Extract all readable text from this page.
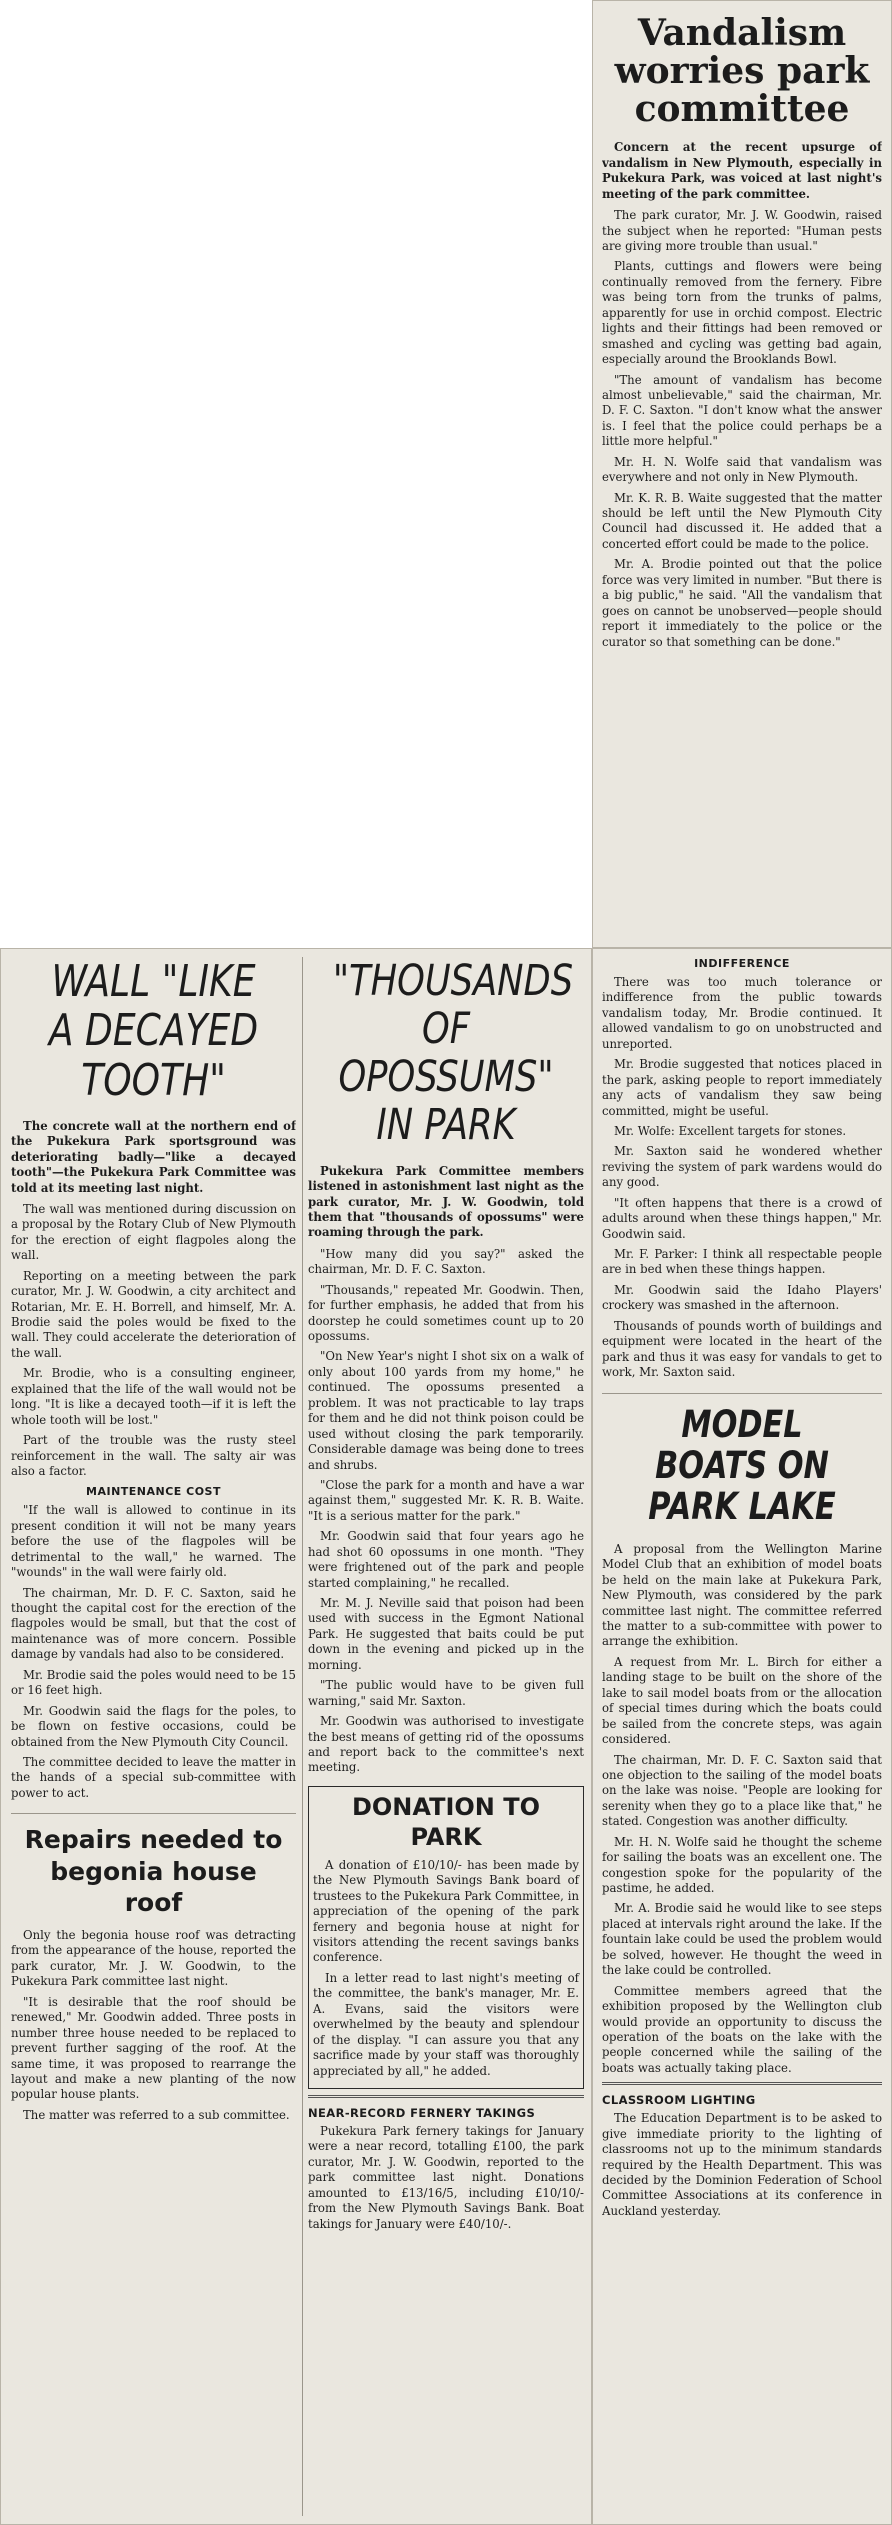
Vandalism worries park committee

Concern at the recent upsurge of vandalism in New Plymouth, especially in Pukekura Park, was voiced at last night's meeting of the park committee.

The park curator, Mr. J. W. Goodwin, raised the subject when he reported: "Human pests are giving more trouble than usual."

Plants, cuttings and flowers were being continually removed from the fernery. Fibre was being torn from the trunks of palms, apparently for use in orchid compost. Electric lights and their fittings had been removed or smashed and cycling was getting bad again, especially around the Brooklands Bowl.

"The amount of vandalism has become almost unbelievable," said the chairman, Mr. D. F. C. Saxton. "I don't know what the answer is. I feel that the police could perhaps be a little more helpful."

Mr. H. N. Wolfe said that vandalism was everywhere and not only in New Plymouth.

Mr. K. R. B. Waite suggested that the matter should be left until the New Plymouth City Council had discussed it. He added that a concerted effort could be made to the police.

Mr. A. Brodie pointed out that the police force was very limited in number. "But there is a big public," he said. "All the vandalism that goes on cannot be unobserved—people should report it immediately to the police or the curator so that something can be done."

WALL "LIKE A DECAYED TOOTH"

The concrete wall at the northern end of the Pukekura Park sportsground was deteriorating badly—"like a decayed tooth"—the Pukekura Park Committee was told at its meeting last night.

The wall was mentioned during discussion on a proposal by the Rotary Club of New Plymouth for the erection of eight flagpoles along the wall.

Reporting on a meeting between the park curator, Mr. J. W. Goodwin, a city architect and Rotarian, Mr. E. H. Borrell, and himself, Mr. A. Brodie said the poles would be fixed to the wall. They could accelerate the deterioration of the wall.

Mr. Brodie, who is a consulting engineer, explained that the life of the wall would not be long. "It is like a decayed tooth—if it is left the whole tooth will be lost."

Part of the trouble was the rusty steel reinforcement in the wall. The salty air was also a factor.

MAINTENANCE COST

"If the wall is allowed to continue in its present condition it will not be many years before the use of the flagpoles will be detrimental to the wall," he warned. The "wounds" in the wall were fairly old.

The chairman, Mr. D. F. C. Saxton, said he thought the capital cost for the erection of the flagpoles would be small, but that the cost of maintenance was of more concern. Possible damage by vandals had also to be considered.

Mr. Brodie said the poles would need to be 15 or 16 feet high.

Mr. Goodwin said the flags for the poles, to be flown on festive occasions, could be obtained from the New Plymouth City Council.

The committee decided to leave the matter in the hands of a special sub-committee with power to act.

Repairs needed to begonia house roof

Only the begonia house roof was detracting from the appearance of the house, reported the park curator, Mr. J. W. Goodwin, to the Pukekura Park committee last night.

"It is desirable that the roof should be renewed," Mr. Goodwin added. Three posts in number three house needed to be replaced to prevent further sagging of the roof. At the same time, it was proposed to rearrange the layout and make a new planting of the now popular house plants.

The matter was referred to a sub committee.

"THOUSANDS OF OPOSSUMS" IN PARK

Pukekura Park Committee members listened in astonishment last night as the park curator, Mr. J. W. Goodwin, told them that "thousands of opossums" were roaming through the park.

"How many did you say?" asked the chairman, Mr. D. F. C. Saxton.

"Thousands," repeated Mr. Goodwin. Then, for further emphasis, he added that from his doorstep he could sometimes count up to 20 opossums.

"On New Year's night I shot six on a walk of only about 100 yards from my home," he continued. The opossums presented a problem. It was not practicable to lay traps for them and he did not think poison could be used without closing the park temporarily. Considerable damage was being done to trees and shrubs.

"Close the park for a month and have a war against them," suggested Mr. K. R. B. Waite. "It is a serious matter for the park."

Mr. Goodwin said that four years ago he had shot 60 opossums in one month. "They were frightened out of the park and people started complaining," he recalled.

Mr. M. J. Neville said that poison had been used with success in the Egmont National Park. He suggested that baits could be put down in the evening and picked up in the morning.

"The public would have to be given full warning," said Mr. Saxton.

Mr. Goodwin was authorised to investigate the best means of getting rid of the opossums and report back to the committee's next meeting.

DONATION TO PARK

A donation of £10/10/- has been made by the New Plymouth Savings Bank board of trustees to the Pukekura Park Committee, in appreciation of the opening of the park fernery and begonia house at night for visitors attending the recent savings banks conference.

In a letter read to last night's meeting of the committee, the bank's manager, Mr. E. A. Evans, said the visitors were overwhelmed by the beauty and splendour of the display. "I can assure you that any sacrifice made by your staff was thoroughly appreciated by all," he added.

NEAR-RECORD FERNERY TAKINGS

Pukekura Park fernery takings for January were a near record, totalling £100, the park curator, Mr. J. W. Goodwin, reported to the park committee last night. Donations amounted to £13/16/5, including £10/10/- from the New Plymouth Savings Bank. Boat takings for January were £40/10/-.

INDIFFERENCE

There was too much tolerance or indifference from the public towards vandalism today, Mr. Brodie continued. It allowed vandalism to go on unobstructed and unreported.

Mr. Brodie suggested that notices placed in the park, asking people to report immediately any acts of vandalism they saw being committed, might be useful.

Mr. Wolfe: Excellent targets for stones.

Mr. Saxton said he wondered whether reviving the system of park wardens would do any good.

"It often happens that there is a crowd of adults around when these things happen," Mr. Goodwin said.

Mr. F. Parker: I think all respectable people are in bed when these things happen.

Mr. Goodwin said the Idaho Players' crockery was smashed in the afternoon.

Thousands of pounds worth of buildings and equipment were located in the heart of the park and thus it was easy for vandals to get to work, Mr. Saxton said.

MODEL BOATS ON PARK LAKE

A proposal from the Wellington Marine Model Club that an exhibition of model boats be held on the main lake at Pukekura Park, New Plymouth, was considered by the park committee last night. The committee referred the matter to a sub-committee with power to arrange the exhibition.

A request from Mr. L. Birch for either a landing stage to be built on the shore of the lake to sail model boats from or the allocation of special times during which the boats could be sailed from the concrete steps, was again considered.

The chairman, Mr. D. F. C. Saxton said that one objection to the sailing of the model boats on the lake was noise. "People are looking for serenity when they go to a place like that," he stated. Congestion was another difficulty.

Mr. H. N. Wolfe said he thought the scheme for sailing the boats was an excellent one. The congestion spoke for the popularity of the pastime, he added.

Mr. A. Brodie said he would like to see steps placed at intervals right around the lake. If the fountain lake could be used the problem would be solved, however. He thought the weed in the lake could be controlled.

Committee members agreed that the exhibition proposed by the Wellington club would provide an opportunity to discuss the operation of the boats on the lake with the people concerned while the sailing of the boats was actually taking place.

CLASSROOM LIGHTING

The Education Department is to be asked to give immediate priority to the lighting of classrooms not up to the minimum standards required by the Health Department. This was decided by the Dominion Federation of School Committee Associations at its conference in Auckland yesterday.
